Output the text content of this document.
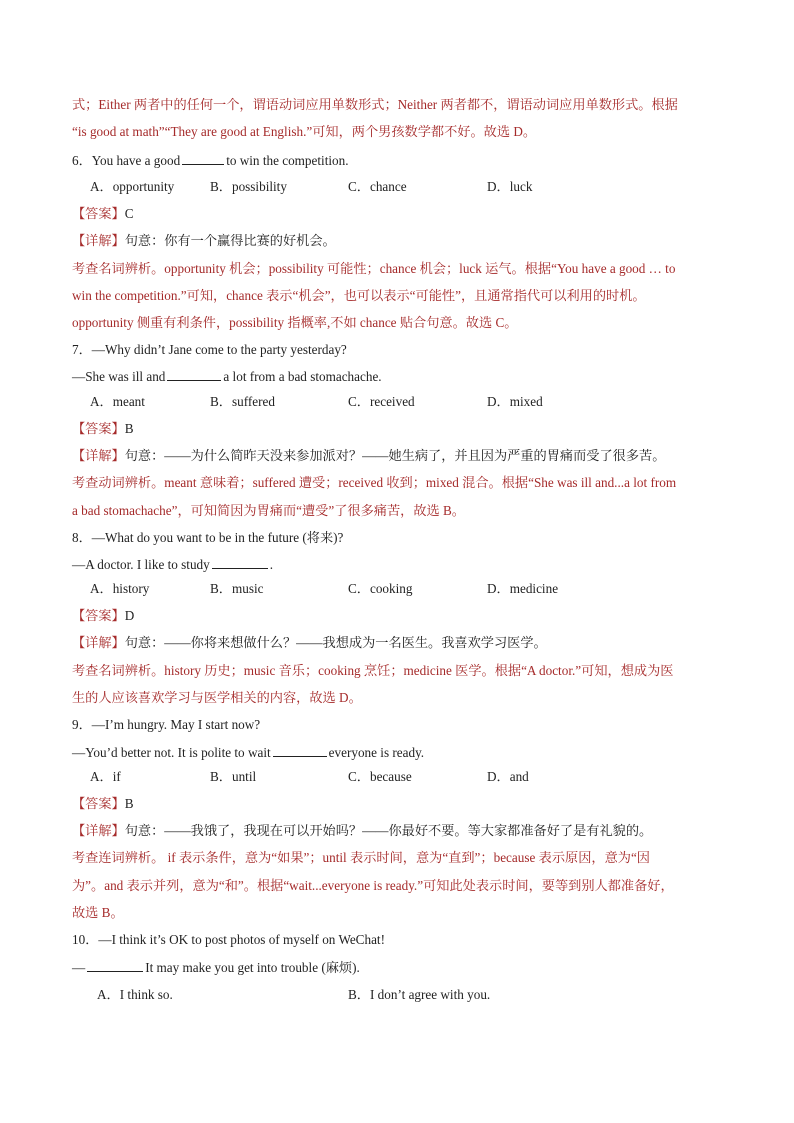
式；Either 两者中的任何一个，谓语动词应用单数形式；Neither 两者都不，谓语动词应用单数形式。根据
“is good at math”“They are good at English.”可知，两个男孩数学都不好。故选 D。
6．You have a good	to win the competition.
A．opportunity	B．possibility	C．chance	D．luck
【答案】C
【详解】句意：你有一个赢得比赛的好机会。
考查名词辨析。opportunity 机会；possibility 可能性；chance 机会；luck 运气。根据“You have a good … to
win the competition.”可知，chance 表示“机会”，也可以表示“可能性”，且通常指代可以利用的时机。
opportunity 侧重有利条件，possibility 指概率,不如 chance 贴合句意。故选 C。
7．—Why didn’t Jane come to the party yesterday?
—She was ill and	a lot from a bad stomachache.
A．meant	B．suffered	C．received	D．mixed
【答案】B
【详解】句意：——为什么简昨天没来参加派对？——她生病了，并且因为严重的胃痛而受了很多苦。
考查动词辨析。meant 意味着；suffered 遭受；received 收到；mixed 混合。根据“She was ill and...a lot from
a bad stomachache”，可知简因为胃痛而“遭受”了很多痛苦，故选 B。
8．—What do you want to be in the future (将来)?
—A doctor. I like to study	.
A．history	B．music	C．cooking	D．medicine
【答案】D
【详解】句意：——你将来想做什么？——我想成为一名医生。我喜欢学习医学。
考查名词辨析。history 历史；music 音乐；cooking 烹饪；medicine 医学。根据“A doctor.”可知，想成为医
生的人应该喜欢学习与医学相关的内容，故选 D。
9．—I’m hungry. May I start now?
—You’d better not. It is polite to wait	everyone is ready.
A．if	B．until	C．because	D．and
【答案】B
【详解】句意：——我饿了，我现在可以开始吗？——你最好不要。等大家都准备好了是有礼貌的。
考查连词辨析。 if 表示条件，意为“如果”；until 表示时间，意为“直到”；because 表示原因，意为“因
为”。and 表示并列，意为“和”。根据“wait...everyone is ready.”可知此处表示时间，要等到别人都准备好，
故选 B。
10．—I think it’s OK to post photos of myself on WeChat!
—	It may make you get into trouble (麻烦).
A．I think so.	B．I don’t agree with you.
